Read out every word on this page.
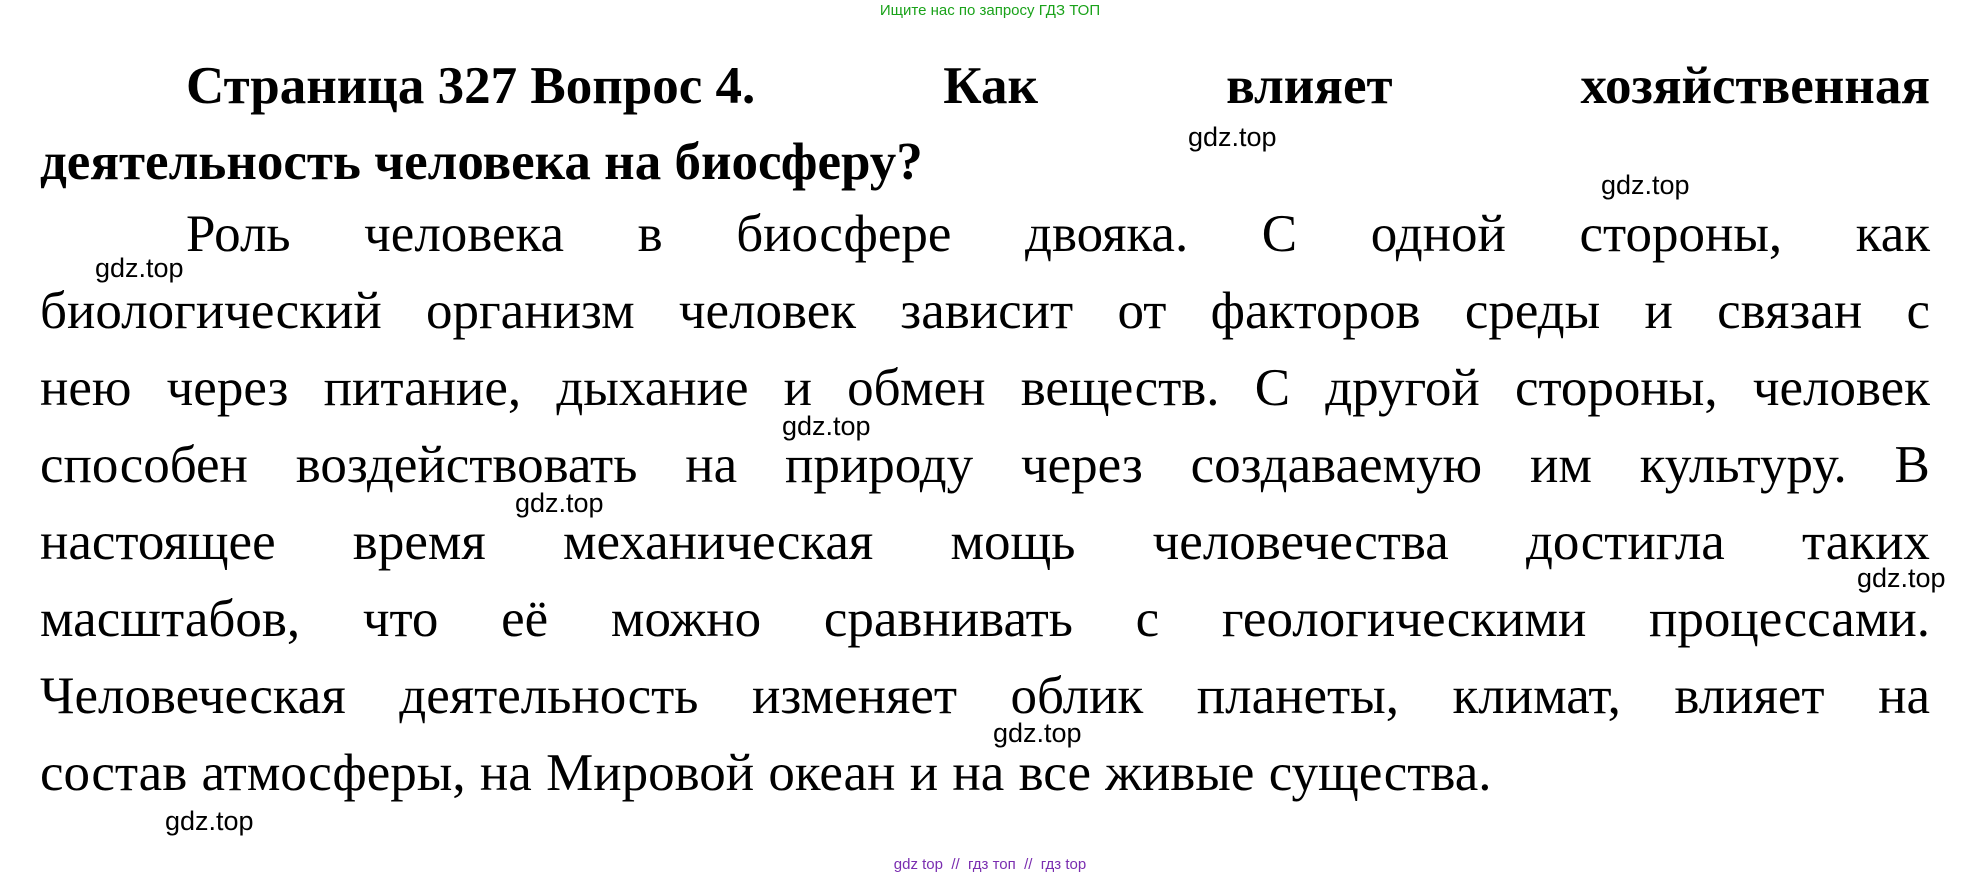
Ищите нас по запросу ГДЗ ТОП
Страница 327 Вопрос 4.	Как	влияет	хозяйственная
деятельность человека на биосферу?
Роль человека в биосфере двояка. С одной стороны, как
биологический организм человек зависит от факторов среды и связан с
нею через питание, дыхание и обмен веществ. С другой стороны, человек
способен воздействовать на природу через создаваемую им культуру. В
настоящее время механическая мощь человечества достигла таких
масштабов, что её можно сравнивать с геологическими процессами.
Человеческая деятельность изменяет облик планеты, климат, влияет на
состав атмосферы, на Мировой океан и на все живые существа.
gdz.top
gdz.top
gdz.top
gdz.top
gdz.top
gdz.top
gdz.top
gdz.top
gdz top  //  гдз топ  //  гдз top
